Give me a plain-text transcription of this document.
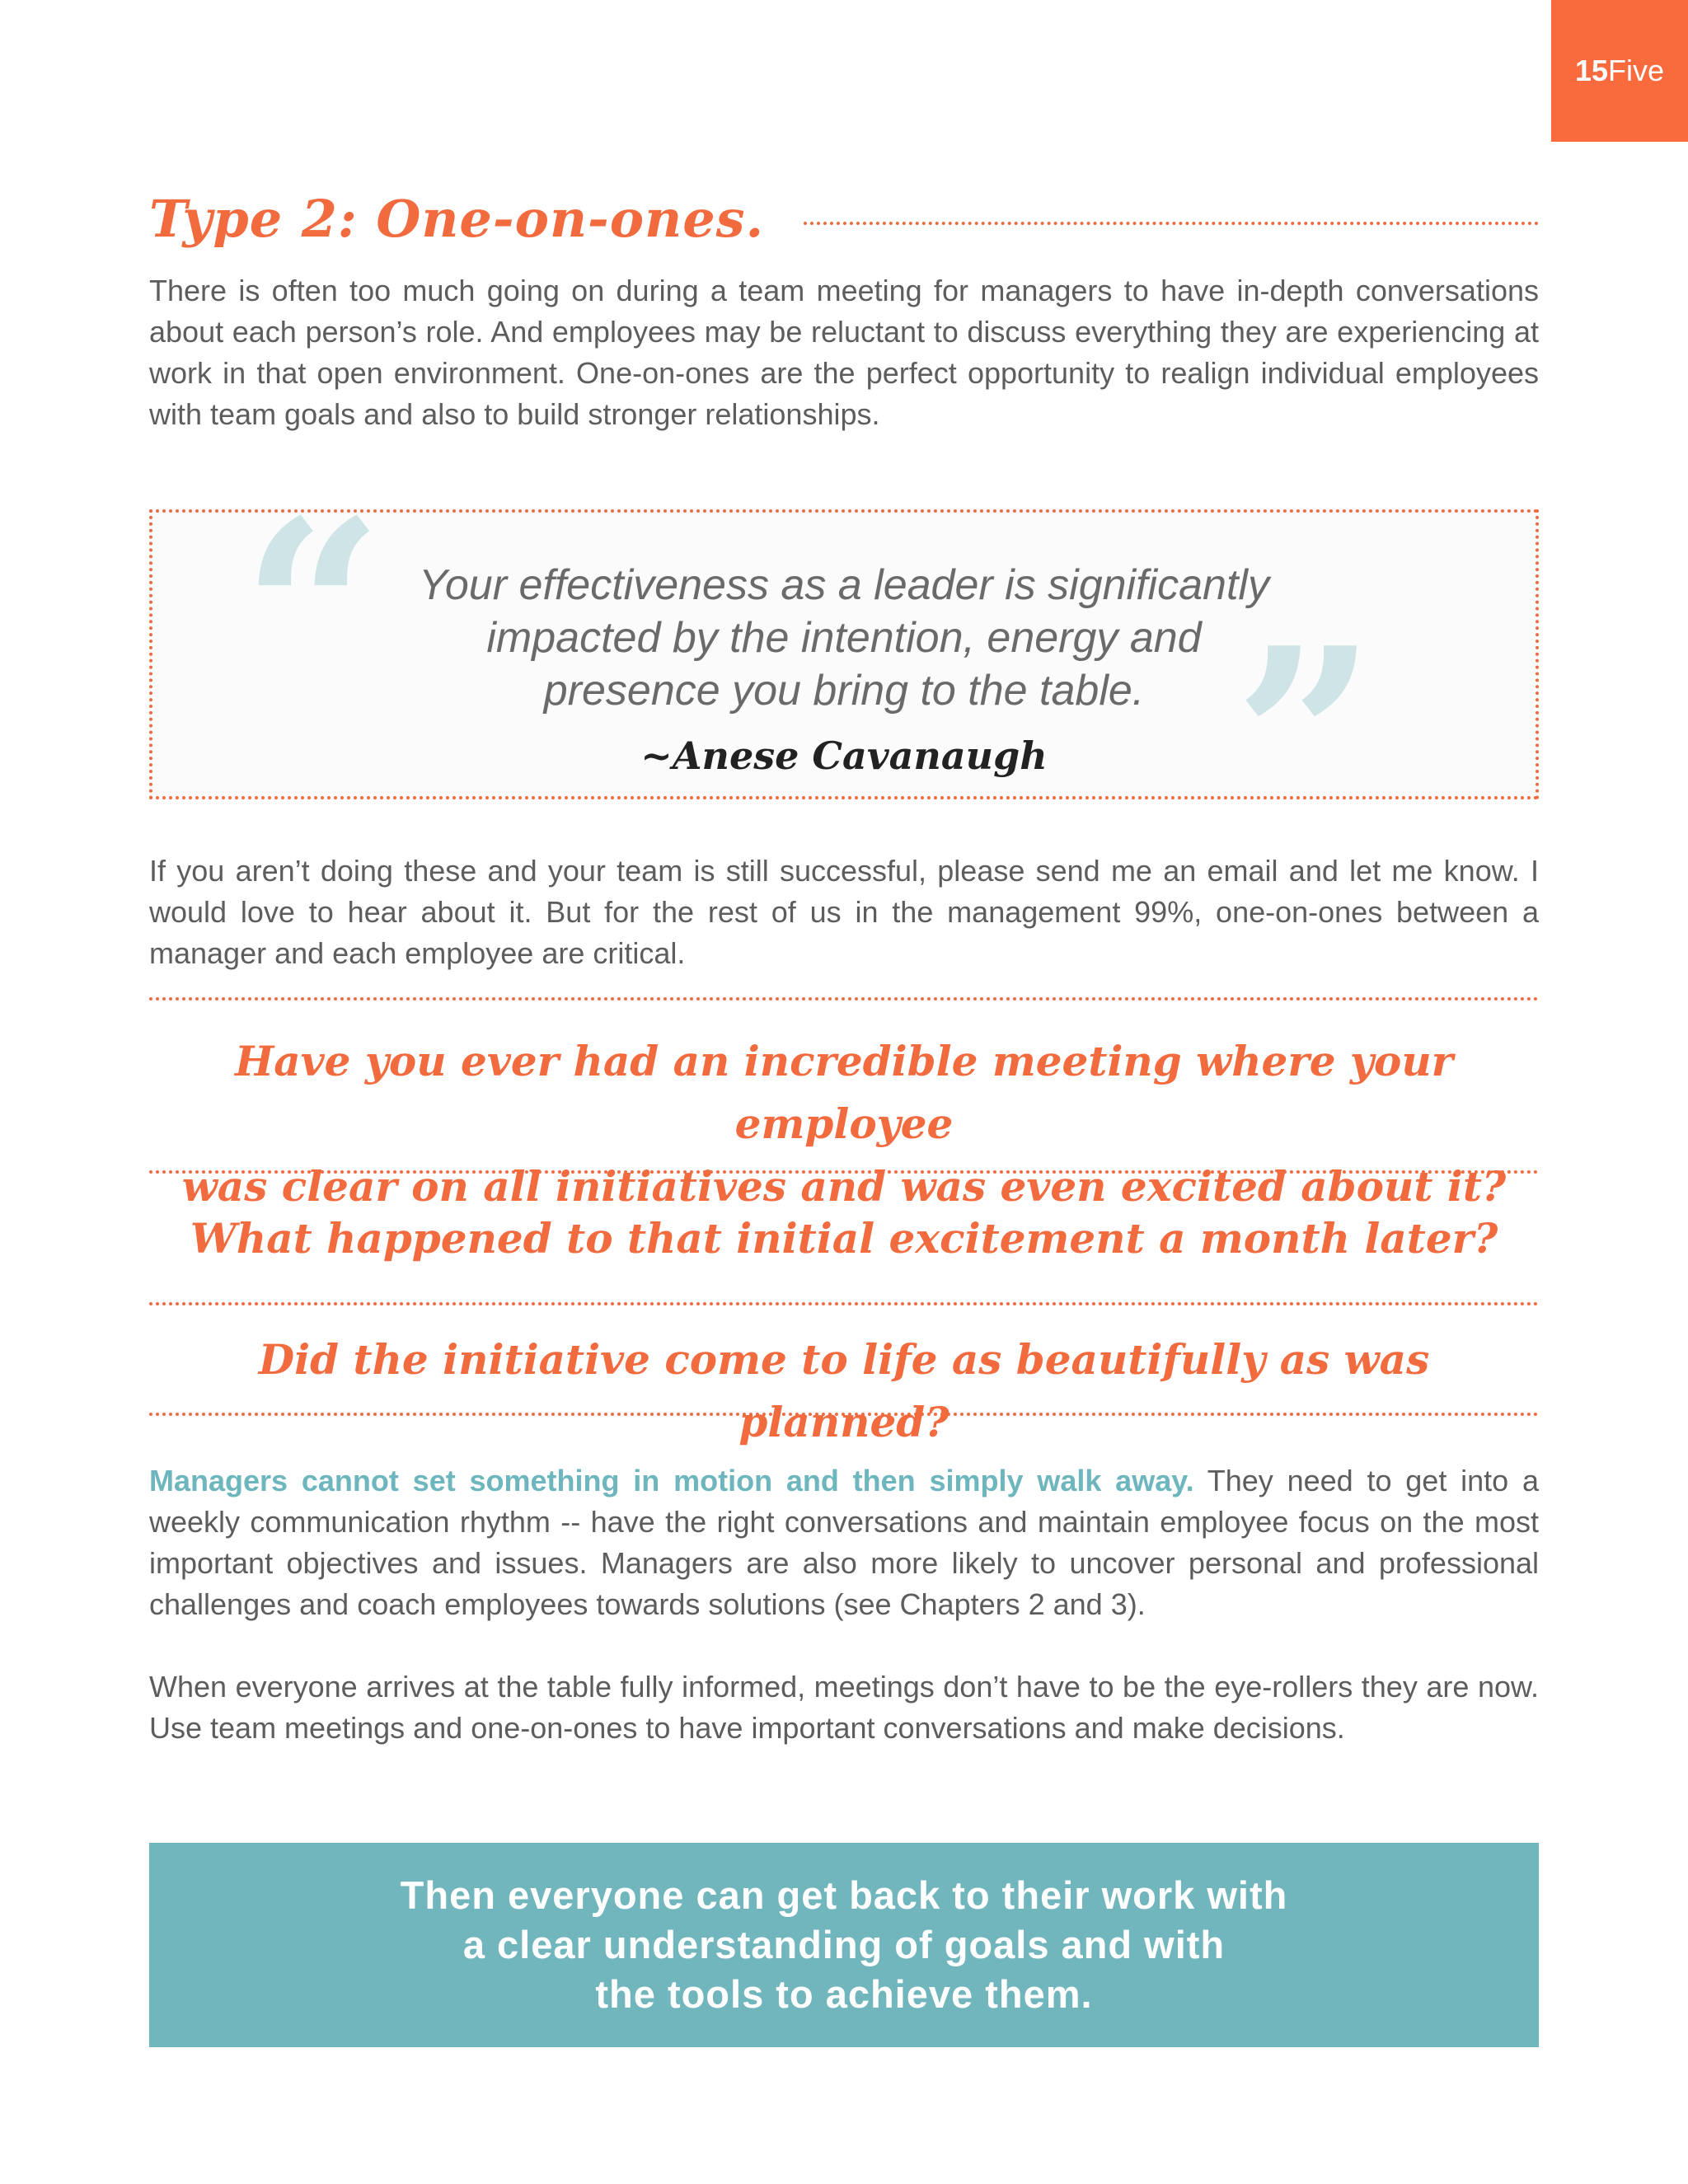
15 Five
Type 2: One-on-ones.

There is often too much going on during a team meeting for managers to have in-depth conversations about each person’s role. And employees may be reluctant to discuss everything they are experiencing at work in that open environment. One-on-ones are the perfect opportunity to realign individual employees with team goals and also to build stronger relationships.

“	”
Your effectiveness as a leader is significantly
impacted by the intention, energy and
presence you bring to the table.
~Anese Cavanaugh

If you aren’t doing these and your team is still successful, please send me an email and let me know. I would love to hear about it. But for the rest of us in the management 99%, one-on-ones between a manager and each employee are critical.

Have you ever had an incredible meeting where your employee
was clear on all initiatives and was even excited about it?
What happened to that initial excitement a month later?
Did the initiative come to life as beautifully as was planned?

Managers cannot set something in motion and then simply walk away. They need to get into a weekly communication rhythm -- have the right conversations and maintain employee focus on the most important objectives and issues. Managers are also more likely to uncover personal and professional challenges and coach employees towards solutions (see Chapters 2 and 3).

When everyone arrives at the table fully informed, meetings don’t have to be the eye-rollers they are now. Use team meetings and one-on-ones to have important conversations and make decisions.

Then everyone can get back to their work with
a clear understanding of goals and with
the tools to achieve them.
